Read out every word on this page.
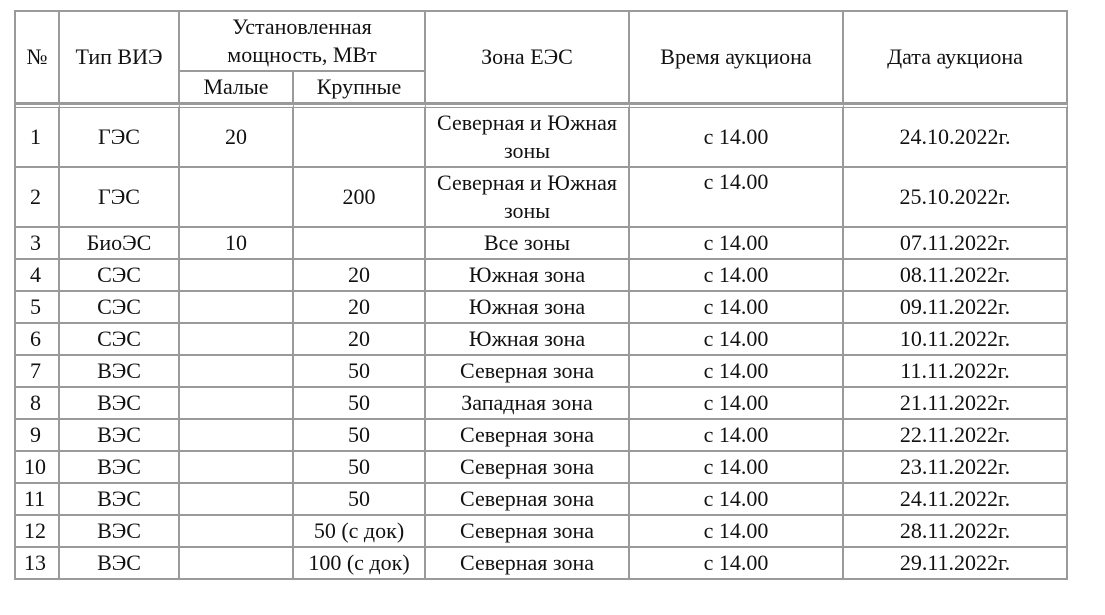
№	Тип ВИЭ	Установленная мощность, МВт		Зона ЕЭС	Время аукциона	Дата аукциона
		Малые	Крупные			
1	ГЭС	20		Северная и Южная зоны	с 14.00	24.10.2022г.
2	ГЭС		200	Северная и Южная зоны	с 14.00	25.10.2022г.
3	БиоЭС	10		Все зоны	с 14.00	07.11.2022г.
4	СЭС		20	Южная зона	с 14.00	08.11.2022г.
5	СЭС		20	Южная зона	с 14.00	09.11.2022г.
6	СЭС		20	Южная зона	с 14.00	10.11.2022г.
7	ВЭС		50	Северная зона	с 14.00	11.11.2022г.
8	ВЭС		50	Западная зона	с 14.00	21.11.2022г.
9	ВЭС		50	Северная зона	с 14.00	22.11.2022г.
10	ВЭС		50	Северная зона	с 14.00	23.11.2022г.
11	ВЭС		50	Северная зона	с 14.00	24.11.2022г.
12	ВЭС		50 (с док)	Северная зона	с 14.00	28.11.2022г.
13	ВЭС		100 (с док)	Северная зона	с 14.00	29.11.2022г.
